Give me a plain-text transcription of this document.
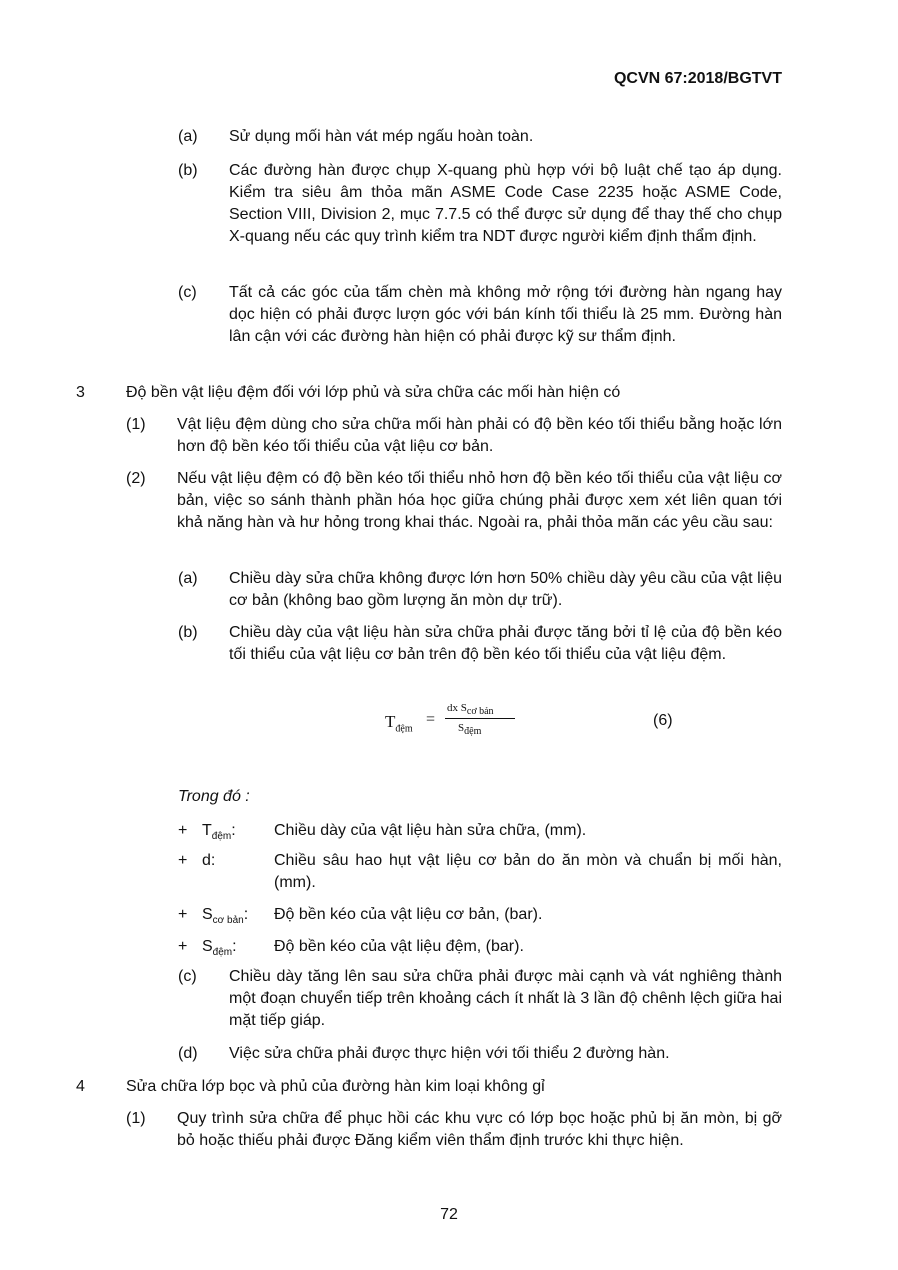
QCVN 67:2018/BGTVT
(a)	Sử dụng mối hàn vát mép ngấu hoàn toàn.
(b)	Các đường hàn được chụp X-quang phù hợp với bộ luật chế tạo áp dụng. Kiểm tra siêu âm thỏa mãn ASME Code Case 2235 hoặc ASME Code, Section VIII, Division 2, mục 7.7.5 có thể được sử dụng để thay thế cho chụp X-quang nếu các quy trình kiểm tra NDT được người kiểm định thẩm định.
(c)	Tất cả các góc của tấm chèn mà không mở rộng tới đường hàn ngang hay dọc hiện có phải được lượn góc với bán kính tối thiểu là 25 mm. Đường hàn lân cận với các đường hàn hiện có phải được kỹ sư thẩm định.
3	Độ bền vật liệu đệm đối với lớp phủ và sửa chữa các mối hàn hiện có
(1)	Vật liệu đệm dùng cho sửa chữa mối hàn phải có độ bền kéo tối thiểu bằng hoặc lớn hơn độ bền kéo tối thiểu của vật liệu cơ bản.
(2)	Nếu vật liệu đệm có độ bền kéo tối thiểu nhỏ hơn độ bền kéo tối thiểu của vật liệu cơ bản, việc so sánh thành phần hóa học giữa chúng phải được xem xét liên quan tới khả năng hàn và hư hỏng trong khai thác. Ngoài ra, phải thỏa mãn các yêu cầu sau:
(a)	Chiều dày sửa chữa không được lớn hơn 50% chiều dày yêu cầu của vật liệu cơ bản (không bao gồm lượng ăn mòn dự trữ).
(b)	Chiều dày của vật liệu hàn sửa chữa phải được tăng bởi tỉ lệ của độ bền kéo tối thiểu của vật liệu cơ bản trên độ bền kéo tối thiểu của vật liệu đệm.
$T_{đệm}$
=
dx $S_{cơ bản}$
$S_{đệm}$
(6)
Trong đó :
+ $T_{đệm}$:	Chiều dày của vật liệu hàn sửa chữa, (mm).
+ d:	Chiều sâu hao hụt vật liệu cơ bản do ăn mòn và chuẩn bị mối hàn, (mm).
+ $S_{cơ bản}$:	Độ bền kéo của vật liệu cơ bản, (bar).
+ $S_{đệm}$:	Độ bền kéo của vật liệu đệm, (bar).
(c)	Chiều dày tăng lên sau sửa chữa phải được mài cạnh và vát nghiêng thành một đoạn chuyển tiếp trên khoảng cách ít nhất là 3 lần độ chênh lệch giữa hai mặt tiếp giáp.
(d)	Việc sửa chữa phải được thực hiện với tối thiểu 2 đường hàn.
4	Sửa chữa lớp bọc và phủ của đường hàn kim loại không gỉ
(1)	Quy trình sửa chữa để phục hồi các khu vực có lớp bọc hoặc phủ bị ăn mòn, bị gỡ bỏ hoặc thiếu phải được Đăng kiểm viên thẩm định trước khi thực hiện.
72
